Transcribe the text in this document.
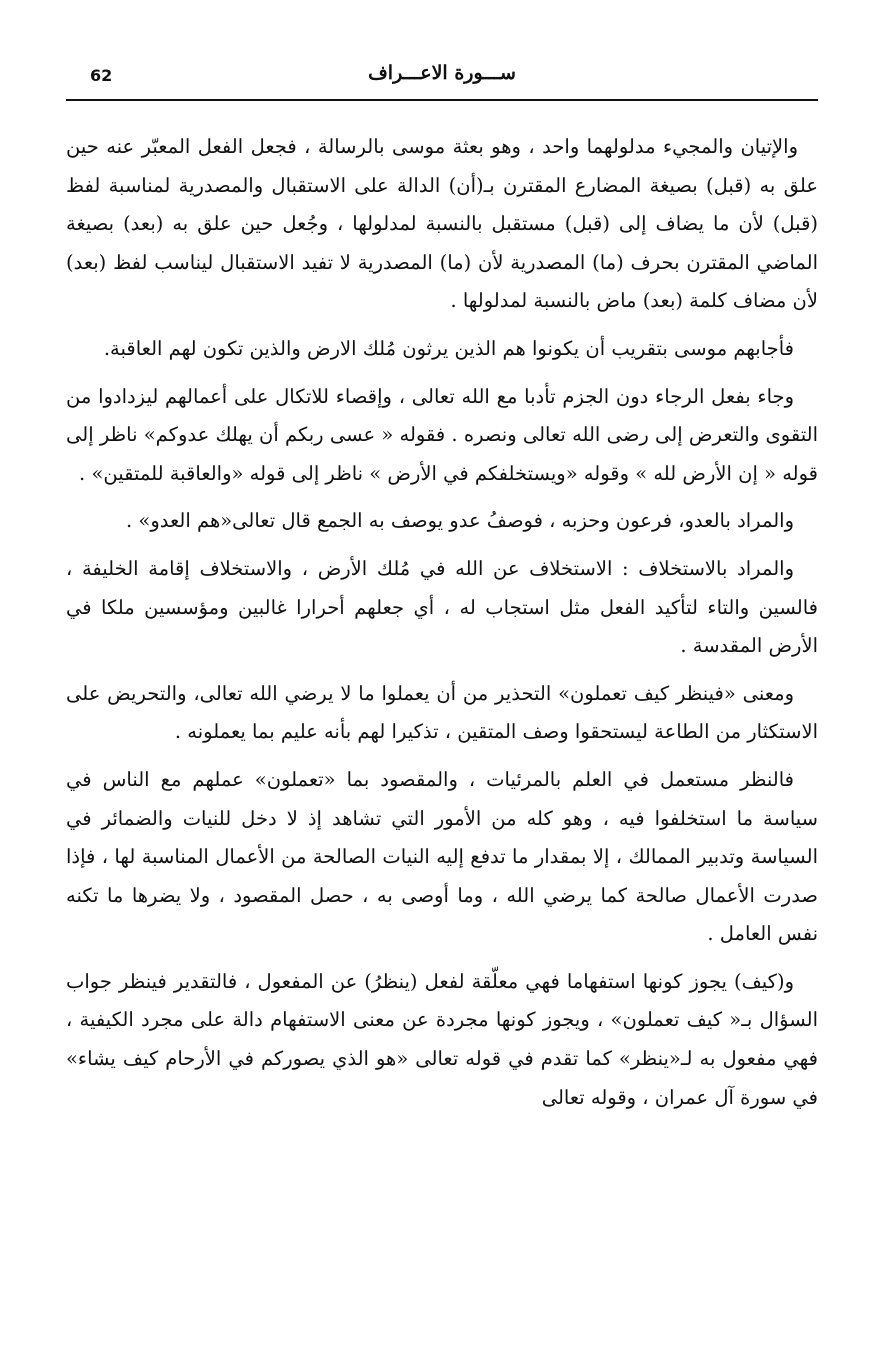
62	ســـورة الاعـــراف

والإتيان والمجيء مدلولهما واحد ، وهو بعثة موسى بالرسالة ، فجعل الفعل المعبّر عنه حين علق به (قبل) بصيغة المضارع المقترن بـ(أن) الدالة على الاستقبال والمصدرية لمناسبة لفظ (قبل) لأن ما يضاف إلى (قبل) مستقبل بالنسبة لمدلولها ، وجُعل حين علق به (بعد) بصيغة الماضي المقترن بحرف (ما) المصدرية لأن (ما) المصدرية لا تفيد الاستقبال ليناسب لفظ (بعد) لأن مضاف كلمة (بعد) ماض بالنسبة لمدلولها .

فأجابهم موسى بتقريب أن يكونوا هم الذين يرثون مُلك الارض والذين تكون لهم العاقبة.

وجاء بفعل الرجاء دون الجزم تأدبا مع الله تعالى ، وإقصاء للاتكال على أعمالهم ليزدادوا من التقوى والتعرض إلى رضى الله تعالى ونصره . فقوله « عسى ربكم أن يهلك عدوكم» ناظر إلى قوله « إن الأرض لله » وقوله «ويستخلفكم في الأرض » ناظر إلى قوله «والعاقبة للمتقين» .

والمراد بالعدو، فرعون وحزبه ، فوصفُ عدو يوصف به الجمع قال تعالى«هم العدو» .

والمراد بالاستخلاف : الاستخلاف عن الله في مُلك الأرض ، والاستخلاف إقامة الخليفة ، فالسين والتاء لتأكيد الفعل مثل استجاب له ، أي جعلهم أحرارا غالبين ومؤسسين ملكا في الأرض المقدسة .

ومعنى «فينظر كيف تعملون» التحذير من أن يعملوا ما لا يرضي الله تعالى، والتحريض على الاستكثار من الطاعة ليستحقوا وصف المتقين ، تذكيرا لهم بأنه عليم بما يعملونه .

فالنظر مستعمل في العلم بالمرئيات ، والمقصود بما «تعملون» عملهم مع الناس في سياسة ما استخلفوا فيه ، وهو كله من الأمور التي تشاهد إذ لا دخل للنيات والضمائر في السياسة وتدبير الممالك ، إلا بمقدار ما تدفع إليه النيات الصالحة من الأعمال المناسبة لها ، فإذا صدرت الأعمال صالحة كما يرضي الله ، وما أوصى به ، حصل المقصود ، ولا يضرها ما تكنه نفس العامل .

و(كيف) يجوز كونها استفهاما فهي معلّقة لفعل (ينظرُ) عن المفعول ، فالتقدير فينظر جواب السؤال بـ« كيف تعملون» ، ويجوز كونها مجردة عن معنى الاستفهام دالة على مجرد الكيفية ، فهي مفعول به لـ«ينظر» كما تقدم في قوله تعالى «هو الذي يصوركم في الأرحام كيف يشاء» في سورة آل عمران ، وقوله تعالى
